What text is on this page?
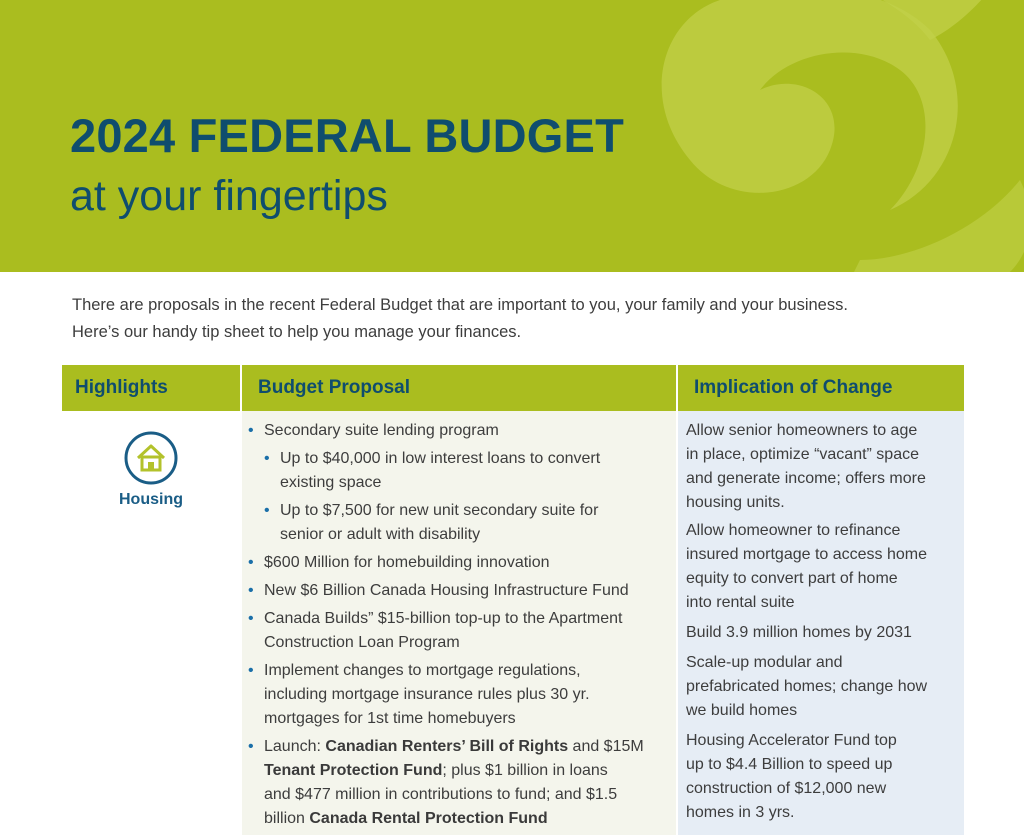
2024 FEDERAL BUDGET
at your fingertips
There are proposals in the recent Federal Budget that are important to you, your family and your business.
Here’s our handy tip sheet to help you manage your finances.
Highlights	Budget Proposal	Implication of Change
Housing
• Secondary suite lending program
• Up to $40,000 in low interest loans to convert
existing space
• Up to $7,500 for new unit secondary suite for
senior or adult with disability
• $600 Million for homebuilding innovation
• New $6 Billion Canada Housing Infrastructure Fund
• Canada Builds” $15-billion top-up to the Apartment
Construction Loan Program
• Implement changes to mortgage regulations,
including mortgage insurance rules plus 30 yr.
mortgages for 1st time homebuyers
• Launch: Canadian Renters’ Bill of Rights and $15M
Tenant Protection Fund; plus $1 billion in loans
and $477 million in contributions to fund; and $1.5
billion Canada Rental Protection Fund
Allow senior homeowners to age
in place, optimize “vacant” space
and generate income; offers more
housing units.
Allow homeowner to refinance
insured mortgage to access home
equity to convert part of home
into rental suite
Build 3.9 million homes by 2031
Scale-up modular and
prefabricated homes; change how
we build homes
Housing Accelerator Fund top
up to $4.4 Billion to speed up
construction of $12,000 new
homes in 3 yrs.
